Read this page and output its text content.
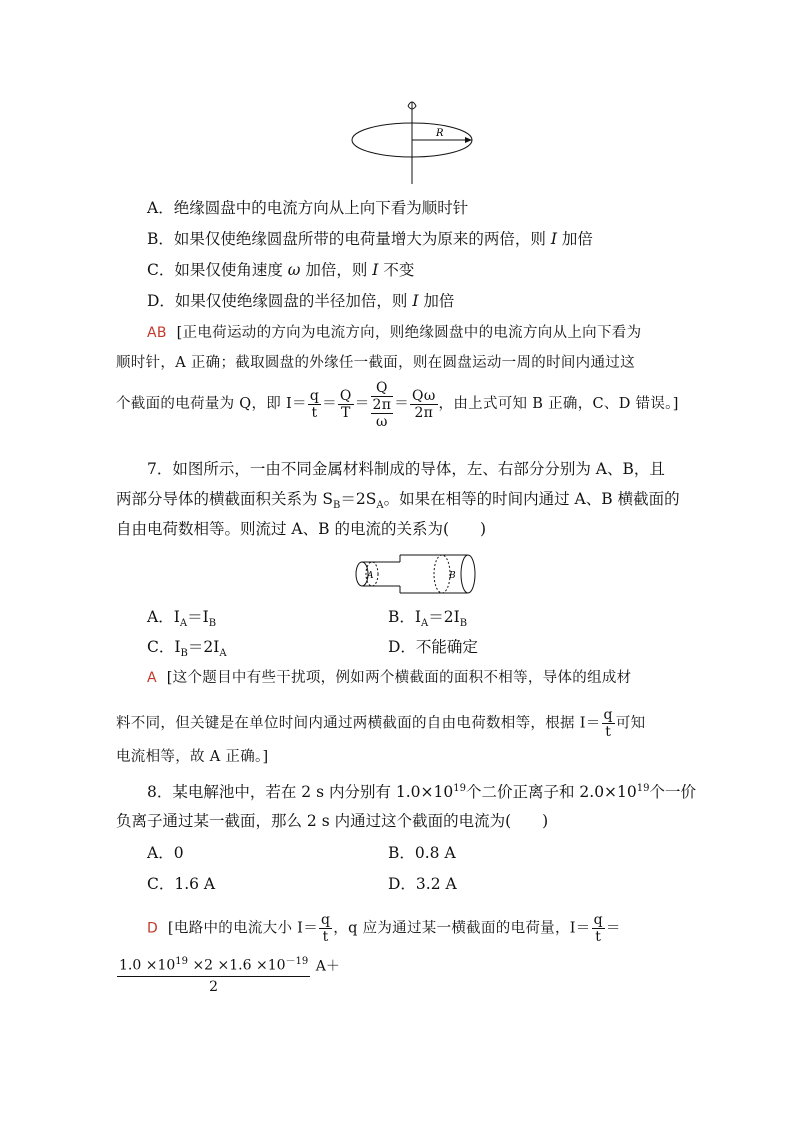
R
A．绝缘圆盘中的电流方向从上向下看为顺时针
B．如果仅使绝缘圆盘所带的电荷量增大为原来的两倍，则 I 加倍
C．如果仅使角速度 ω 加倍，则 I 不变
D．如果仅使绝缘圆盘的半径加倍，则 I 加倍
AB [正电荷运动的方向为电流方向，则绝缘圆盘中的电流方向从上向下看为
顺时针，A 正确；截取圆盘的外缘任一截面，则在圆盘运动一周的时间内通过这
个截面的电荷量为 Q，即 $I= \frac{q}{t} = \frac{Q}{T}$ ＝
Q
2π
ω
＝ $\frac{Q\omega}{2\pi}$ ，由上式可知 B 正确，C、D 错误。]
7．如图所示，一由不同金属材料制成的导体，左、右部分分别为 A、B，且
两部分导体的横截面积关系为 $S_B=2S_A$。如果在相等的时间内通过 A、B 横截面的
自由电荷数相等。则流过 A、B 的电流的关系为(　　)
A	B
A．$I_A=I_B$	B．$I_A=2I_B$
C．$I_B=2I_A$	D．不能确定
A [这个题目中有些干扰项，例如两个横截面的面积不相等，导体的组成材
料不同，但关键是在单位时间内通过两横截面的自由电荷数相等，根据 $I= \frac{q}{t}$ 可知
电流相等，故 A 正确。]
8．某电解池中，若在 2 s 内分别有 $1.0\times 10^{19}$个二价正离子和 $2.0\times 10^{19}$个一价
负离子通过某一截面，那么 2 s 内通过这个截面的电流为(　　)
A．0	B．0.8 A
C．1.6 A	D．3.2 A
D [电路中的电流大小 $I= \frac{q}{t}$ ，q 应为通过某一横截面的电荷量，$I= \frac{q}{t}$ ＝
$\frac{1.0 \times 10^{19} \times 2 \times 1.6 \times 10^{-19}}{2} A+$
